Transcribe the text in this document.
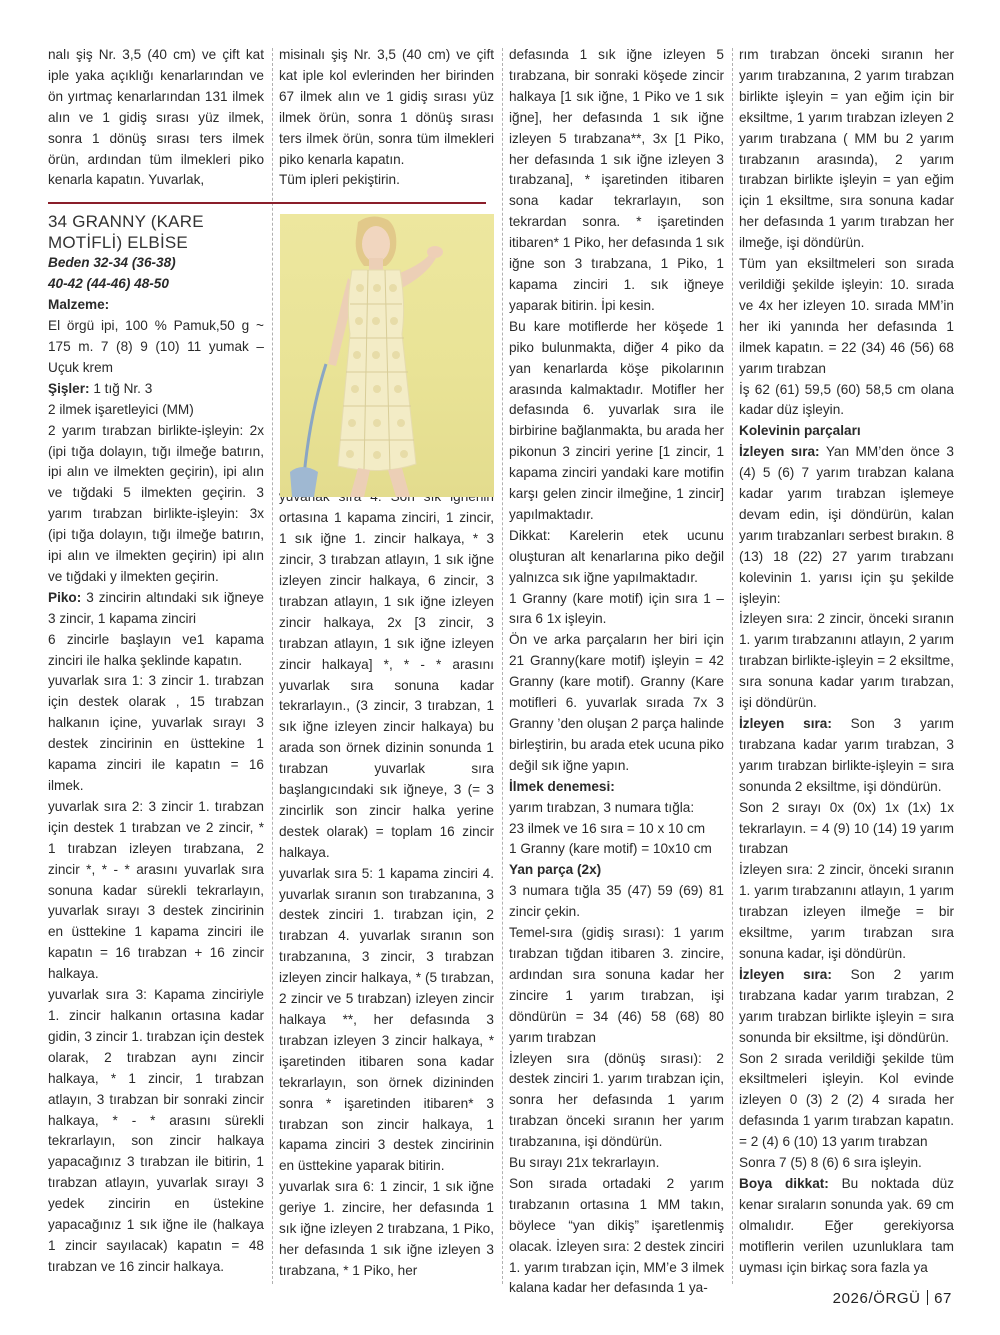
nalı şiş Nr. 3,5 (40 cm) ve çift kat iple yaka açıklığı kenarlarından ve ön yırtmaç kenarlarından 131 ilmek alın ve 1 gidiş sırası yüz ilmek, sonra 1 dönüş sırası ters ilmek örün, ardından tüm ilmekleri piko kenarla kapatın. Yuvarlak,

34 GRANNY (KARE MOTİFLİ) ELBİSE

Beden 32-34 (36-38)

40-42 (44-46) 48-50

Malzeme:

El örgü ipi, 100 % Pamuk,50 g ~ 175 m. 7 (8) 9 (10) 11 yumak – Uçuk krem

Şişler: 1 tığ Nr. 3

2 ilmek işaretleyici (MM)

2 yarım tırabzan birlikte-işleyin: 2x (ipi tığa dolayın, tığı ilmeğe batırın, ipi alın ve ilmekten geçirin), ipi alın ve tığdaki 5 ilmekten geçirin. 3 yarım tırabzan birlikte-işleyin: 3x (ipi tığa dolayın, tığı ilmeğe batırın, ipi alın ve ilmekten geçirin) ipi alın ve tığdaki y ilmekten geçirin.

Piko: 3 zincirin altındaki sık iğneye 3 zincir, 1 kapama zinciri

6 zincirle başlayın ve1 kapama zinciri ile halka şeklinde kapatın.

yuvarlak sıra 1: 3 zincir 1. tırabzan için destek olarak , 15 tırabzan halkanın içine, yuvarlak sırayı 3 destek zincirinin en üsttekine 1 kapama zinciri ile kapatın = 16 ilmek.

yuvarlak sıra 2: 3 zincir 1. tırabzan için destek 1 tırabzan ve 2 zincir, * 1 tırabzan izleyen tırabzana, 2 zincir *, * - * arasını yuvarlak sıra sonuna kadar sürekli tekrarlayın, yuvarlak sırayı 3 destek zincirinin en üsttekine 1 kapama zinciri ile kapatın = 16 tırabzan + 16 zincir halkaya.

yuvarlak sıra 3: Kapama zinciriyle 1. zincir halkanın ortasına kadar gidin, 3 zincir 1. tırabzan için destek olarak, 2 tırabzan aynı zincir halkaya, * 1 zincir, 1 tırabzan atlayın, 3 tırabzan bir sonraki zincir halkaya, * - * arasını sürekli tekrarlayın, son zincir halkaya yapacağınız 3 tırabzan ile bitirin, 1 tırabzan atlayın, yuvarlak sırayı 3 yedek zincirin en üstekine yapacağınız 1 sık iğne ile (halkaya 1 zincir sayılacak) kapatın = 48 tırabzan ve 16 zincir halkaya.

misinalı şiş Nr. 3,5 (40 cm) ve çift kat iple kol evlerinden her birinden 67 ilmek alın ve 1 gidiş sırası yüz ilmek örün, sonra 1 dönüş sırası ters ilmek örün, sonra tüm ilmekleri piko kenarla kapatın.

Tüm ipleri pekiştirin.

ortasına 1 kapama zinciri, 1 zincir, 1 sık iğne 1. zincir halkaya, * 3 zincir, 3 tırabzan atlayın, 1 sık iğne izleyen zincir halkaya, 6 zincir, 3 tırabzan atlayın, 1 sık iğne izleyen zincir halkaya, 2x [3 zincir, 3 tırabzan atlayın, 1 sık iğne izleyen zincir halkaya] *, * - * arasını yuvarlak sıra sonuna kadar tekrarlayın., (3 zincir, 3 tırabzan, 1 sık iğne izleyen zincir halkaya) bu arada son örnek dizinin sonunda 1 tırabzan yuvarlak sıra başlangıcındaki sık iğneye, 3 (= 3 zincirlik son zincir halka yerine destek olarak) = toplam 16 zincir halkaya.

yuvarlak sıra 5: 1 kapama zinciri 4. yuvarlak sıranın son tırabzanına, 3 destek zinciri 1. tırabzan için, 2 tırabzan 4. yuvarlak sıranın son tırabzanına, 3 zincir, 3 tırabzan izleyen zincir halkaya, * (5 tırabzan, 2 zincir ve 5 tırabzan) izleyen zincir halkaya **, her defasında 3 tırabzan izleyen 3 zincir halkaya, * işaretinden itibaren sona kadar tekrarlayın, son örnek dizininden sonra * işaretinden itibaren* 3 tırabzan son zincir halkaya, 1 kapama zinciri 3 destek zincirinin en üsttekine yaparak bitirin.

yuvarlak sıra 6: 1 zincir, 1 sık iğne geriye 1. zincire, her defasında 1 sık iğne izleyen 2 tırabzana, 1 Piko, her defasında 1 sık iğne izleyen 3 tırabzana, * 1 Piko, her

defasında 1 sık iğne izleyen 5 tırabzana, bir sonraki köşede zincir halkaya [1 sık iğne, 1 Piko ve 1 sık iğne], her defasında 1 sık iğne izleyen 5 tırabzana**, 3x [1 Piko, her defasında 1 sık iğne izleyen 3 tırabzana], * işaretinden itibaren sona kadar tekrarlayın, son tekrardan sonra. * işaretinden itibaren* 1 Piko, her defasında 1 sık iğne son 3 tırabzana, 1 Piko, 1 kapama zinciri 1. sık iğneye yaparak bitirin. İpi kesin.

Bu kare motiflerde her köşede 1 piko bulunmakta, diğer 4 piko da yan kenarlarda köşe pikolarının arasında kalmaktadır. Motifler her defasında 6. yuvarlak sıra ile birbirine bağlanmakta, bu arada her pikonun 3 zinciri yerine [1 zincir, 1 kapama zinciri yandaki kare motifin karşı gelen zincir ilmeğine, 1 zincir] yapılmaktadır.

Dikkat: Karelerin etek ucunu oluşturan alt kenarlarına piko değil yalnızca sık iğne yapılmaktadır.

1 Granny (kare motif) için sıra 1 – sıra 6 1x işleyin.

Ön ve arka parçaların her biri için 21 Granny(kare motif) işleyin = 42 Granny (kare motif). Granny (Kare motifleri 6. yuvarlak sırada 7x 3 Granny ’den oluşan 2 parça halinde birleştirin, bu arada etek ucuna piko değil sık iğne yapın.

İlmek denemesi:

yarım tırabzan, 3 numara tığla:

23 ilmek ve 16 sıra = 10 x 10 cm

1 Granny (kare motif) = 10x10 cm

Yan parça (2x)

3 numara tığla 35 (47) 59 (69) 81 zincir çekin.

Temel-sıra (gidiş sırası): 1 yarım tırabzan tığdan itibaren 3. zincire, ardından sıra sonuna kadar her zincire 1 yarım tırabzan, işi döndürün = 34 (46) 58 (68) 80 yarım tırabzan

İzleyen sıra (dönüş sırası): 2 destek zinciri 1. yarım tırabzan için, sonra her defasında 1 yarım tırabzan önceki sıranın her yarım tırabzanına, işi döndürün.

Bu sırayı 21x tekrarlayın.

Son sırada ortadaki 2 yarım tırabzanın ortasına 1 MM takın, böylece “yan dikiş” işaretlenmiş olacak. İzleyen sıra: 2 destek zinciri 1. yarım tırabzan için, MM’e 3 ilmek kalana kadar her defasında 1 ya-

rım tırabzan önceki sıranın her yarım tırabzanına, 2 yarım tırabzan birlikte işleyin = yan eğim için bir eksiltme, 1 yarım tırabzan izleyen 2 yarım tırabzana ( MM bu 2 yarım tırabzanın arasında), 2 yarım tırabzan birlikte işleyin = yan eğim için 1 eksiltme, sıra sonuna kadar her defasında 1 yarım tırabzan her ilmeğe, işi döndürün.

Tüm yan eksiltmeleri son sırada verildiği şekilde işleyin: 10. sırada ve 4x her izleyen 10. sırada MM’in her iki yanında her defasında 1 ilmek kapatın. = 22 (34) 46 (56) 68 yarım tırabzan

İş 62 (61) 59,5 (60) 58,5 cm olana kadar düz işleyin.

Kolevinin parçaları

İzleyen sıra: Yan MM’den önce 3 (4) 5 (6) 7 yarım tırabzan kalana kadar yarım tırabzan işlemeye devam edin, işi döndürün, kalan yarım tırabzanları serbest bırakın. 8 (13) 18 (22) 27 yarım tırabzanı kolevinin 1. yarısı için şu şekilde işleyin:

İzleyen sıra: 2 zincir, önceki sıranın 1. yarım tırabzanını atlayın, 2 yarım tırabzan birlikte-işleyin = 2 eksiltme, sıra sonuna kadar yarım tırabzan, işi döndürün.

İzleyen sıra: Son 3 yarım tırabzana kadar yarım tırabzan, 3 yarım tırabzan birlikte-işleyin = sıra sonunda 2 eksiltme, işi döndürün.

Son 2 sırayı 0x (0x) 1x (1x) 1x tekrarlayın. = 4 (9) 10 (14) 19 yarım tırabzan

İzleyen sıra: 2 zincir, önceki sıranın 1. yarım tırabzanını atlayın, 1 yarım tırabzan izleyen ilmeğe = bir eksiltme, yarım tırabzan sıra sonuna kadar, işi döndürün.

İzleyen sıra: Son 2 yarım tırabzana kadar yarım tırabzan, 2 yarım tırabzan birlikte işleyin = sıra sonunda bir eksiltme, işi döndürün.

Son 2 sırada verildiği şekilde tüm eksiltmeleri işleyin. Kol evinde izleyen 0 (3) 2 (2) 4 sırada her defasında 1 yarım tırabzan kapatın. = 2 (4) 6 (10) 13 yarım tırabzan

Sonra 7 (5) 8 (6) 6 sıra işleyin.

Boya dikkat: Bu noktada düz kenar sıraların sonunda yak. 69 cm olmalıdır. Eğer gerekiyorsa motiflerin verilen uzunluklara tam uyması için birkaç sora fazla ya

2026/ÖRGÜ 67
